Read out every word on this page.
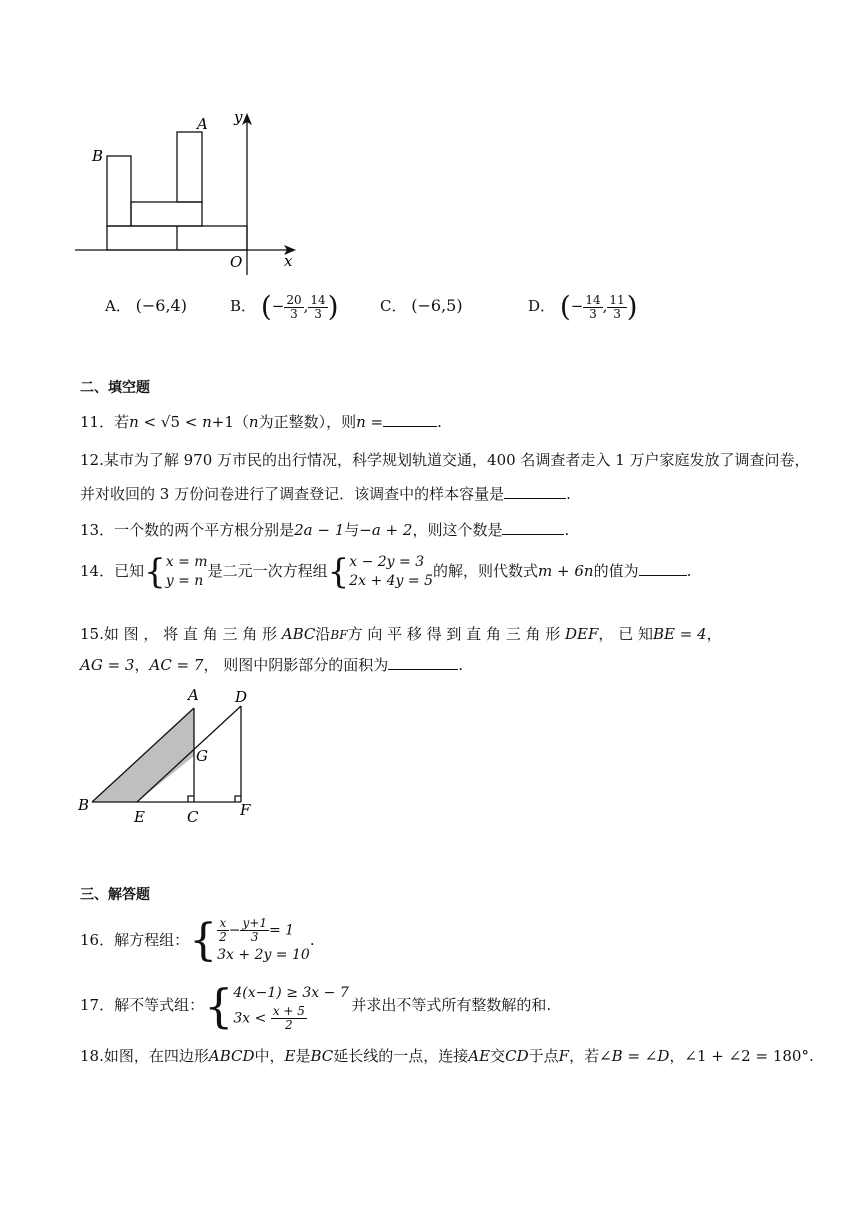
A
B
y
x
O
A． (−6,4)	B． (− $\frac{20}{3}$ , $\frac{14}{3}$ )	C． (−6,5)	D． (− $\frac{14}{3}$ , $\frac{11}{3}$ )
二、填空题
11．若n < √5 < n+1（n为正整数），则n =	.
12.某市为了解 970 万市民的出行情况，科学规划轨道交通，400 名调查者走入 1 万户家庭发放了调查问卷，
并对收回的 3 万份问卷进行了调查登记．该调查中的样本容量是	.
13．一个数的两个平方根分别是2a − 1与−a + 2，则这个数是	.
14．已知{ x = m
y = n
是二元一次方程组{ x − 2y = 3
2x + 4y = 5
的解，则代数式m + 6n的值为	.
15.如 图 ， 将 直 角 三 角 形 ABC沿BF方 向 平 移 得 到 直 角 三 角 形 DEF， 已 知BE = 4，
AG = 3，AC = 7， 则图中阴影部分的面积为	.
A D
G
B
E	C	F
三、解答题
16．解方程组：{ $\frac{x}{2} - \frac{y+1}{3} = 1$
3x + 2y = 10
.
17．解不等式组：{ 4(x−1) ≥ 3x − 7
$3x < \frac{x + 5}{2}$	并求出不等式所有整数解的和.
18.如图，在四边形ABCD中，E是BC延长线的一点，连接AE交CD于点F，若∠B = ∠D，∠1 + ∠2 = 180°.
